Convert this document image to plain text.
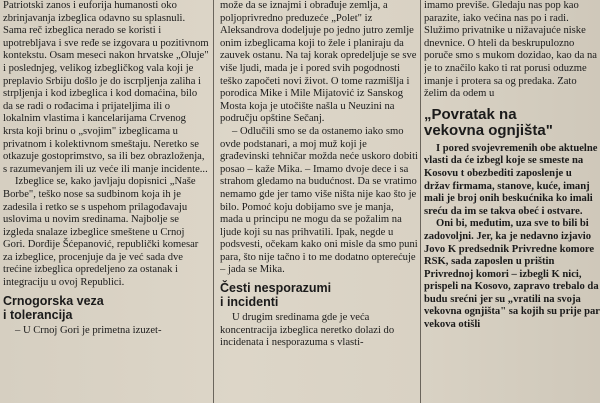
Patriotski zanos i euforija humanosti oko zbrinjavanja izbeglica odavno su splasnuli. Sama reč izbeglica nerado se koristi i upotrebljava i sve ređe se izgovara u pozitivnom kontekstu. Osam meseci nakon hrvatske „Oluje" i poslednjeg, velikog izbegličkog vala koji je preplavio Srbiju došlo je do iscrpljenja zaliha i strpljenja i kod izbeglica i kod domaćina, bilo da se radi o rođacima i prijateljima ili o lokalnim vlastima i kancelarijama Crvenog krsta koji brinu o „svojim" izbeglicama u privatnom i kolektivnom smeštaju. Neretko se otkazuje gostoprimstvo, sa ili bez obrazloženja, s razumevanjem ili uz veće ili manje incidente...

Izbeglice se, kako javljaju dopisnici „Naše Borbe", teško nose sa sudbinom koja ih je zadesila i retko se s uspehom prilagođavaju uslovima u novim sredinama. Najbolje se izgleda snalaze izbeglice smeštene u Crnoj Gori. Dorđije Šćepanović, republički komesar za izbeglice, procenjuje da je već sada dve trećine izbeglica opredeljeno za ostanak i integraciju u ovoj Republici.

Crnogorska veza
i tolerancija

– U Crnoj Gori je primetna izuzet-

može da se iznajmi i obrađuje zemlja, a poljoprivredno preduzeće „Polet" iz Aleksandrova dodeljuje po jedno jutro zemlje onim izbeglicama koji to žele i planiraju da zauvek ostanu. Na taj korak opredeljuje se sve više ljudi, mada je i pored svih pogodnosti teško započeti novi život. O tome razmišlja i porodica Mike i Mile Mijatović iz Sanskog Mosta koja je utočište našla u Neuzini na području opštine Sečanj.

– Odlučili smo se da ostanemo iako smo ovde podstanari, a moj muž koji je građevinski tehničar možda neće uskoro dobiti posao – kaže Mika. – Imamo dvoje dece i sa strahom gledamo na budućnost. Da se vratimo nemamo gde jer tamo više ništa nije kao što je bilo. Pomoć koju dobijamo sve je manja, mada u principu ne mogu da se požalim na ljude koji su nas prihvatili. Ipak, negde u podsvesti, očekam kako oni misle da smo puni para, što nije tačno i to me dodatno opterećuje – jada se Mika.

Česti nesporazumi
i incidenti

U drugim sredinama gde je veća koncentracija izbeglica neretko dolazi do incidenata i nesporazuma s vlasti-

imamo previše. Gledaju nas pop kao parazite, iako većina nas po i radi. Služimo privatnike u nižavajuće niske dnevnice. O hteli da beskrupulozno poruče smo s mukom dozidao, kao da na je to značilo kako ti rat porusi oduzme imanje i protera sa og predaka. Zato želim da odem u

„Povratak na
vekovna ognjišta"

I pored svojevremenih obe aktuelne vlasti da će izbegl koje se smeste na Kosovu t obezbediti zaposlenje u držav firmama, stanove, kuće, imanj mali je broj onih beskućnika ko imali sreću da im se takva obeć i ostvare.

Oni bi, međutim, uza sve to bili bi zadovoljni. Jer, ka je nedavno izjavio Jovo K predsednik Privredne komore RSK, sada zaposlen u prištin Privrednoj komori – izbegli K nici, prispeli na Kosovo, zapravo trebalo da budu srećni jer su „vratili na svoja vekovna ognjišta" sa kojih su prije par vekova otišli
